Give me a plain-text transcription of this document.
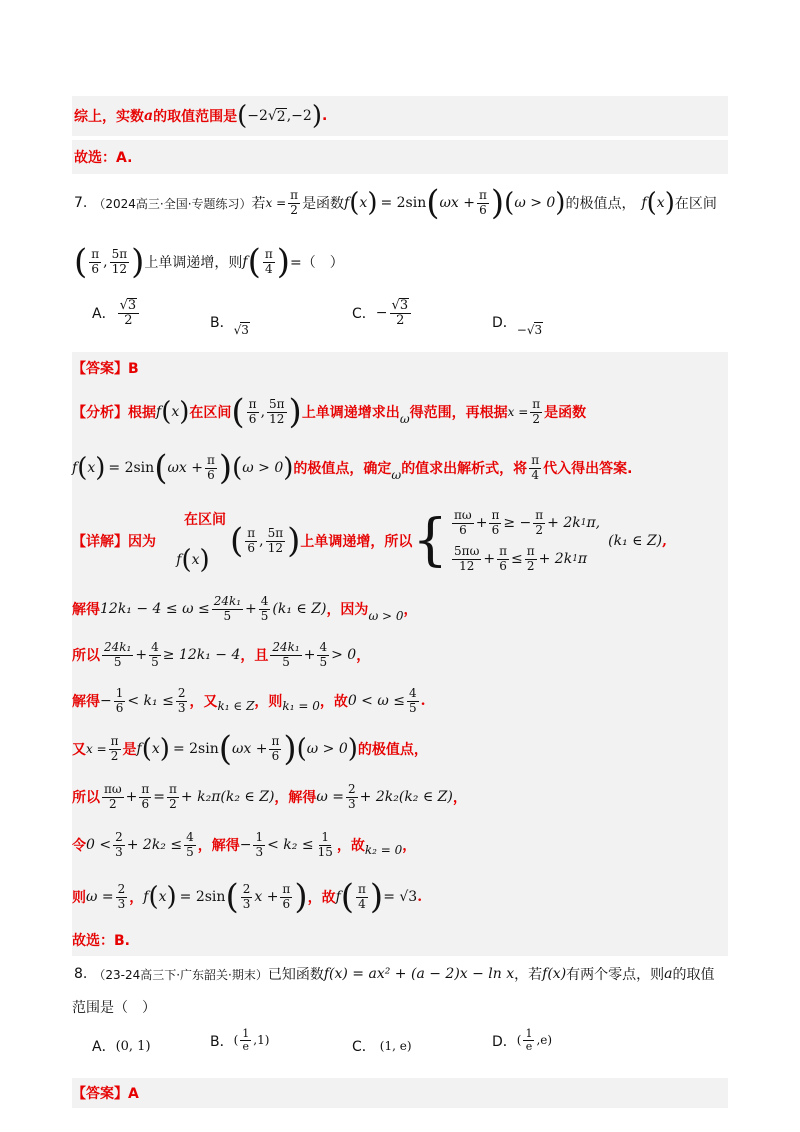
综上，实数 a 的取值范围是 ( −2 √ 2 ,−2 ) .
故选：A.
7. （2024高三·全国·专题练习） 若 $x = \frac{\pi}{2}$ 是函数 f ( x ) = 2sin ( $\omega x + \frac{\pi}{6}$ ) ( ω > 0 ) 的极值点， f ( x ) 在区间
( $\frac{\pi}{6}$ , $\frac{5\pi}{12}$ ) 上单调递增，则 f ( $\frac{\pi}{4}$ ) =（　）
A． $\frac{√3}{2}$	B． √3
C． − $\frac{√3}{2}$	D． −√3
【答案】B
【分析】 根据 f ( x ) 在区间 ( $\frac{\pi}{6}$ , $\frac{5\pi}{12}$ ) 上单调递增求出 ω 得范围，再根据 $x = \frac{\pi}{2}$ 是函数
f ( x ) = 2sin ( $\omega x + \frac{\pi}{6}$ ) ( ω > 0 ) 的极值点，确定 ω 的值求出解析式，将 $\frac{\pi}{4}$ 代入得出答案.
【详解】 因为
在区间
f(x) ( $\frac{\pi}{6}$ , $\frac{5\pi}{12}$ ) 上单调递增，所以 { $\frac{\pi\omega}{6} + \frac{\pi}{6}$ ≥ − $\frac{\pi}{2} + 2k$ 1 π,
$\frac{5\pi\omega}{12} + \frac{\pi}{6} \le \frac{\pi}{2} + 2k$ 1 π
(k₁ ∈ Z) ,
解得 $12k_1 - 4 \le \omega \le \frac{\text{24k₁}}{5} + \frac{4}{5} (k_1$ ∈ Z) ，因为 ω > 0 ，
所以 $\frac{\text{24k₁}}{5} + \frac{4}{5} \ge 12k_1 - 4$ ，且 $\frac{\text{24k₁}}{5} + \frac{4}{5} > 0$ ，
解得 − $\frac{1}{6} < k_1 \le \frac{2}{3}$ ，又 k₁ ∈ Z ，则 k₁ = 0 ，故 $0 < \omega \le \frac{4}{5}$ .
又 $x = \frac{\pi}{2}$ 是 f ( x ) = 2sin ( $\omega x + \frac{\pi}{6}$ ) ( ω > 0 ) 的极值点，
所以 $\frac{\pi\omega}{2} + \frac{\pi}{6} = \frac{\pi}{2} + k_2\pi(k_2$ ∈ Z) ，解得 $\omega = \frac{2}{3} + 2k_2(k_2$ ∈ Z) ，
令 $0 < \frac{2}{3} + 2k_2 \le \frac{4}{5}$ ，解得 − $\frac{1}{3} < k_2 \le \frac{1}{15}$ ，故 k₂ = 0 ，
则 $\omega = \frac{2}{3}$ ， f ( x ) = 2sin ( $\frac{2}{3}$ $x + \frac{\pi}{6}$ ) ，故 f ( $\frac{\pi}{4}$ ) = √3 .
故选：B.
8. （23-24高三下·广东韶关·期末） 已知函数 f(x) = ax² + (a − 2)x − ln x ，若 f(x) 有两个零点，则 a 的取值
范围是（　）
A． (0, 1)	B． ( $\frac{1}{e} ,1$)	C． (1, e)	D． ( $\frac{1}{e} ,e$)
【答案】A
